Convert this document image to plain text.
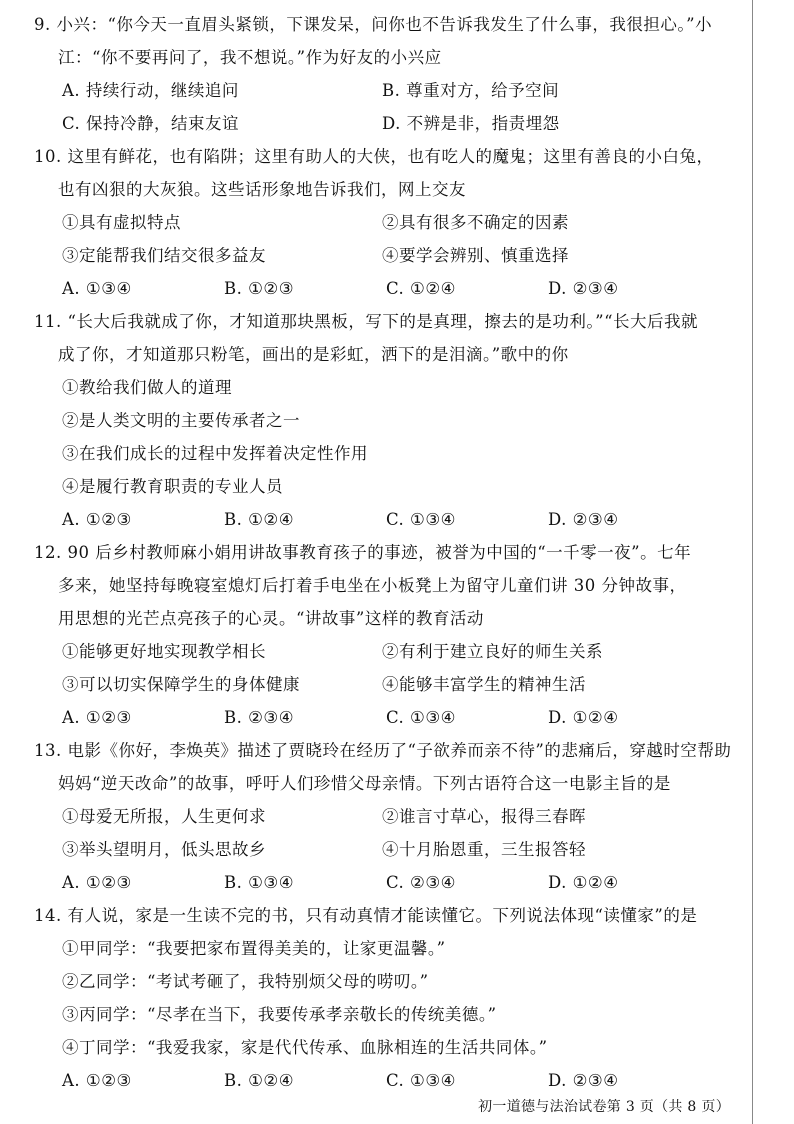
9. 小兴：“你今天一直眉头紧锁，下课发呆，问你也不告诉我发生了什么事，我很担心。”小
江：“你不要再问了，我不想说。”作为好友的小兴应
A. 持续行动，继续追问	B. 尊重对方，给予空间
C. 保持冷静，结束友谊	D. 不辨是非，指责埋怨
10. 这里有鲜花，也有陷阱；这里有助人的大侠，也有吃人的魔鬼；这里有善良的小白兔，
也有凶狠的大灰狼。这些话形象地告诉我们，网上交友
①具有虚拟特点	②具有很多不确定的因素
③定能帮我们结交很多益友	④要学会辨别、慎重选择
A. ①③④	B. ①②③	C. ①②④	D. ②③④
11. “长大后我就成了你，才知道那块黑板，写下的是真理，擦去的是功利。”“长大后我就
成了你，才知道那只粉笔，画出的是彩虹，洒下的是泪滴。”歌中的你
①教给我们做人的道理
②是人类文明的主要传承者之一
③在我们成长的过程中发挥着决定性作用
④是履行教育职责的专业人员
A. ①②③	B. ①②④	C. ①③④	D. ②③④
12. 90 后乡村教师麻小娟用讲故事教育孩子的事迹，被誉为中国的“一千零一夜”。七年
多来，她坚持每晚寝室熄灯后打着手电坐在小板凳上为留守儿童们讲 30 分钟故事，
用思想的光芒点亮孩子的心灵。“讲故事”这样的教育活动
①能够更好地实现教学相长	②有利于建立良好的师生关系
③可以切实保障学生的身体健康	④能够丰富学生的精神生活
A. ①②③	B. ②③④	C. ①③④	D. ①②④
13. 电影《你好，李焕英》描述了贾晓玲在经历了“子欲养而亲不待”的悲痛后，穿越时空帮助
妈妈“逆天改命”的故事，呼吁人们珍惜父母亲情。下列古语符合这一电影主旨的是
①母爱无所报，人生更何求	②谁言寸草心，报得三春晖
③举头望明月，低头思故乡	④十月胎恩重，三生报答轻
A. ①②③	B. ①③④	C. ②③④	D. ①②④
14. 有人说，家是一生读不完的书，只有动真情才能读懂它。下列说法体现“读懂家”的是
①甲同学：“我要把家布置得美美的，让家更温馨。”
②乙同学：“考试考砸了，我特别烦父母的唠叨。”
③丙同学：“尽孝在当下，我要传承孝亲敬长的传统美德。”
④丁同学：“我爱我家，家是代代传承、血脉相连的生活共同体。”
A. ①②③	B. ①②④	C. ①③④	D. ②③④
初一道德与法治试卷第 3 页（共 8 页）
